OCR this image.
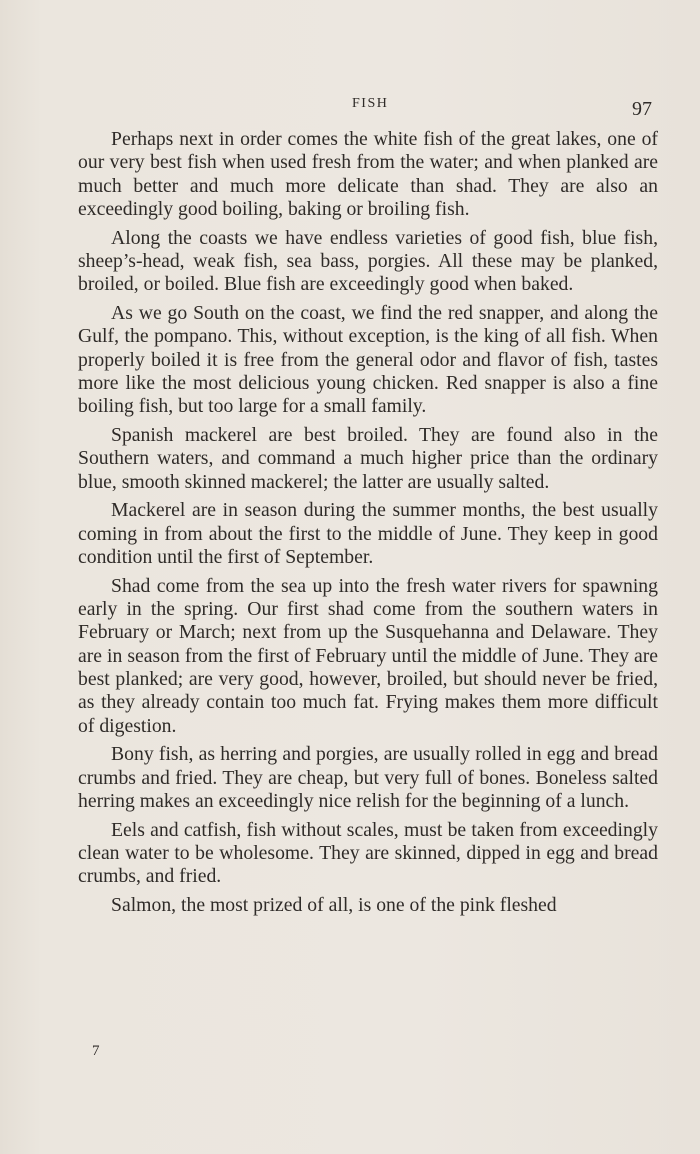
FISH	97

Perhaps next in order comes the white fish of the great lakes, one of our very best fish when used fresh from the water; and when planked are much better and much more delicate than shad. They are also an exceedingly good boiling, baking or broiling fish.

Along the coasts we have endless varieties of good fish, blue fish, sheep’s-head, weak fish, sea bass, porgies. All these may be planked, broiled, or boiled. Blue fish are exceedingly good when baked.

As we go South on the coast, we find the red snapper, and along the Gulf, the pompano. This, without exception, is the king of all fish. When properly boiled it is free from the general odor and flavor of fish, tastes more like the most delicious young chicken. Red snapper is also a fine boiling fish, but too large for a small family.

Spanish mackerel are best broiled. They are found also in the Southern waters, and command a much higher price than the ordinary blue, smooth skinned mackerel; the latter are usually salted.

Mackerel are in season during the summer months, the best usually coming in from about the first to the middle of June. They keep in good condition until the first of September.

Shad come from the sea up into the fresh water rivers for spawning early in the spring. Our first shad come from the southern waters in February or March; next from up the Susquehanna and Delaware. They are in season from the first of February until the middle of June. They are best planked; are very good, however, broiled, but should never be fried, as they already contain too much fat. Frying makes them more difficult of digestion.

Bony fish, as herring and porgies, are usually rolled in egg and bread crumbs and fried. They are cheap, but very full of bones. Boneless salted herring makes an exceedingly nice relish for the beginning of a lunch.

Eels and catfish, fish without scales, must be taken from exceedingly clean water to be wholesome. They are skinned, dipped in egg and bread crumbs, and fried.

Salmon, the most prized of all, is one of the pink fleshed

7
